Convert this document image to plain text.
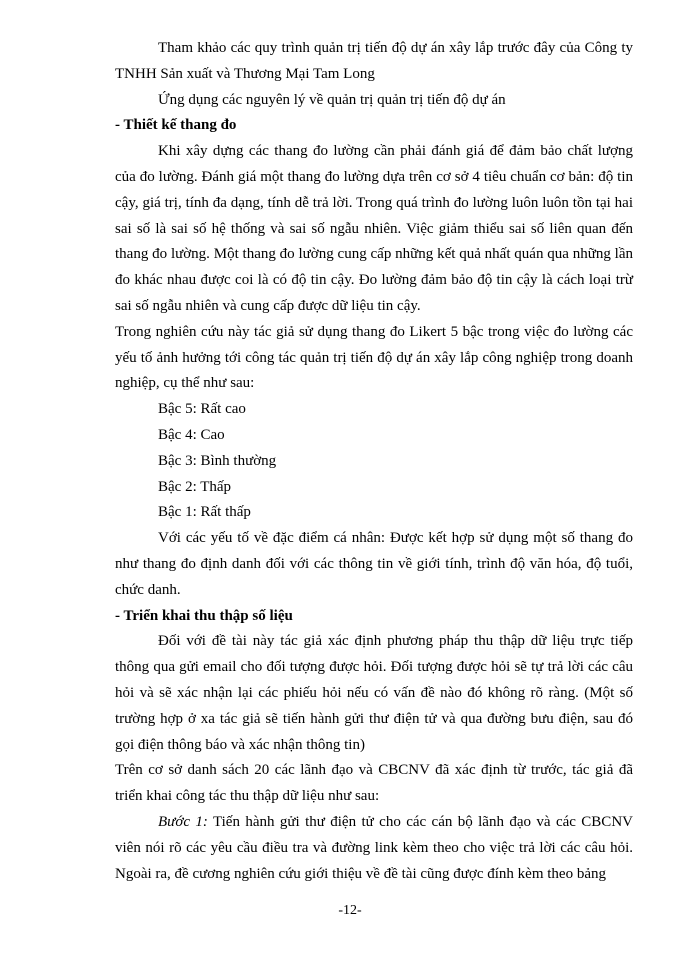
Tham khảo các quy trình quản trị tiến độ dự án xây lắp trước đây của Công ty TNHH Sản xuất và Thương Mại Tam Long

Ứng dụng các nguyên lý về quản trị quản trị tiến độ dự án

- Thiết kế thang đo

Khi xây dựng các thang đo lường cần phải đánh giá để đảm bảo chất lượng của đo lường. Đánh giá một thang đo lường dựa trên cơ sở 4 tiêu chuẩn cơ bản: độ tin cậy, giá trị, tính đa dạng, tính dễ trả lời. Trong quá trình đo lường luôn luôn tồn tại hai sai số là sai số hệ thống và sai số ngẫu nhiên. Việc giảm thiểu sai số liên quan đến thang đo lường. Một thang đo lường cung cấp những kết quả nhất quán qua những lần đo khác nhau được coi là có độ tin cậy. Đo lường đảm bảo độ tin cậy là cách loại trừ sai số ngẫu nhiên và cung cấp được dữ liệu tin cậy.

Trong nghiên cứu này tác giả sử dụng thang đo Likert 5 bậc trong việc đo lường các yếu tố ảnh hưởng tới công tác quản trị tiến độ dự án xây lắp công nghiệp trong doanh nghiệp, cụ thể như sau:

Bậc 5: Rất cao

Bậc 4: Cao

Bậc 3: Bình thường

Bậc 2: Thấp

Bậc 1: Rất thấp

Với các yếu tố về đặc điểm cá nhân: Được kết hợp sử dụng một số thang đo như thang đo định danh đối với các thông tin về giới tính, trình độ văn hóa, độ tuổi, chức danh.

- Triển khai thu thập số liệu

Đối với đề tài này tác giả xác định phương pháp thu thập dữ liệu trực tiếp thông qua gửi email cho đối tượng được hỏi. Đối tượng được hỏi sẽ tự trả lời các câu hỏi và sẽ xác nhận lại các phiếu hỏi nếu có vấn đề nào đó không rõ ràng. (Một số trường hợp ở xa tác giả sẽ tiến hành gửi thư điện tử và qua đường bưu điện, sau đó gọi điện thông báo và xác nhận thông tin)

Trên cơ sở danh sách 20 các lãnh đạo và CBCNV đã xác định từ trước, tác giả đã triển khai công tác thu thập dữ liệu như sau:

Bước 1: Tiến hành gửi thư điện tử cho các cán bộ lãnh đạo và các CBCNV viên nói rõ các yêu cầu điều tra và đường link kèm theo cho việc trả lời các câu hỏi. Ngoài ra, đề cương nghiên cứu giới thiệu về đề tài cũng được đính kèm theo bảng

-12-
